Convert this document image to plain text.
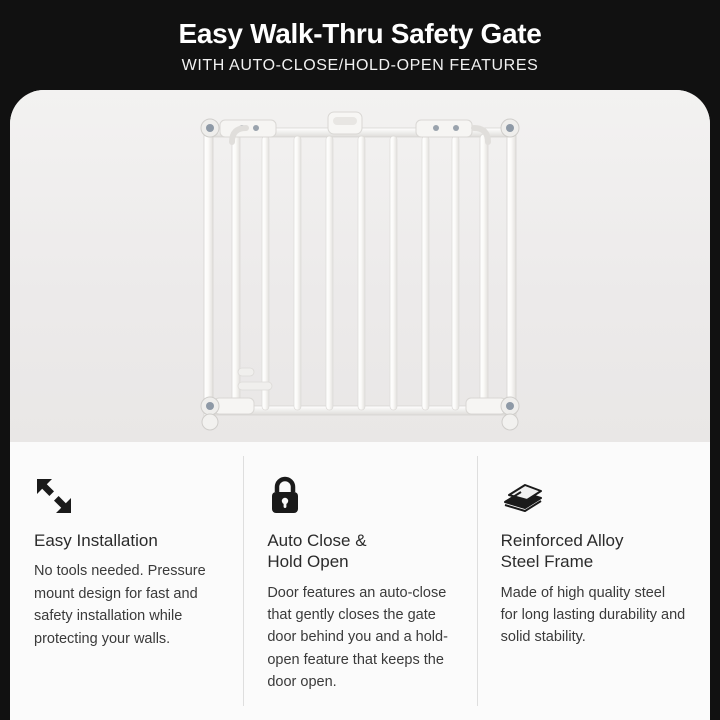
Easy Walk-Thru Safety Gate
WITH AUTO-CLOSE/HOLD-OPEN FEATURES
Easy Installation
No tools needed. Pressure mount design for fast and safety installation while protecting your walls.
Auto Close &
Hold Open
Door features an auto-close that gently closes the gate door behind you and a hold-open feature that keeps the door open.
Reinforced Alloy
Steel Frame
Made of high quality steel for long lasting durability and solid stability.
